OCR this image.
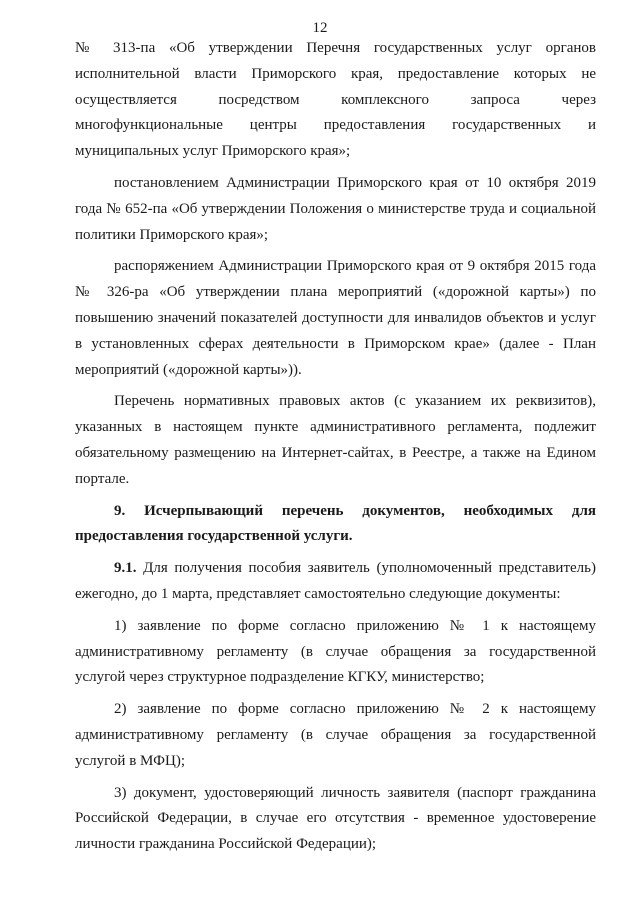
12

№ 313-па «Об утверждении Перечня государственных услуг органов исполнительной власти Приморского края, предоставление которых не осуществляется посредством комплексного запроса через многофункциональные центры предоставления государственных и муниципальных услуг Приморского края»;

постановлением Администрации Приморского края от 10 октября 2019 года № 652-па «Об утверждении Положения о министерстве труда и социальной политики Приморского края»;

распоряжением Администрации Приморского края от 9 октября 2015 года № 326-ра «Об утверждении плана мероприятий («дорожной карты») по повышению значений показателей доступности для инвалидов объектов и услуг в установленных сферах деятельности в Приморском крае» (далее - План мероприятий («дорожной карты»)).

Перечень нормативных правовых актов (с указанием их реквизитов), указанных в настоящем пункте административного регламента, подлежит обязательному размещению на Интернет-сайтах, в Реестре, а также на Едином портале.

9. Исчерпывающий перечень документов, необходимых для предоставления государственной услуги.

9.1. Для получения пособия заявитель (уполномоченный представитель) ежегодно, до 1 марта, представляет самостоятельно следующие документы:

1) заявление по форме согласно приложению № 1 к настоящему административному регламенту (в случае обращения за государственной услугой через структурное подразделение КГКУ, министерство;

2) заявление по форме согласно приложению № 2 к настоящему административному регламенту (в случае обращения за государственной услугой в МФЦ);

3) документ, удостоверяющий личность заявителя (паспорт гражданина Российской Федерации, в случае его отсутствия - временное удостоверение личности гражданина Российской Федерации);
